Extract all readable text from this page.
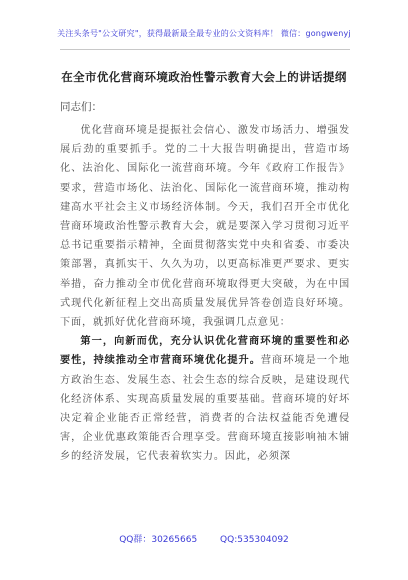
关注头条号"公文研究"，获得最新最全最专业的公文资料库！ 微信：gongwenyj
在全市优化营商环境政治性警示教育大会上的讲话提纲
同志们：

优化营商环境是提振社会信心、激发市场活力、增强发展后劲的重要抓手。党的二十大报告明确提出，营造市场化、法治化、国际化一流营商环境。今年《政府工作报告》要求，营造市场化、法治化、国际化一流营商环境，推动构建高水平社会主义市场经济体制。今天，我们召开全市优化营商环境政治性警示教育大会，就是要深入学习贯彻习近平总书记重要指示精神，全面贯彻落实党中央和省委、市委决策部署，真抓实干、久久为功，以更高标准更严要求、更实举措，奋力推动全市优化营商环境取得更大突破，为在中国式现代化新征程上交出高质量发展优异答卷创造良好环境。下面，就抓好优化营商环境，我强调几点意见：

第一，向新而优，充分认识优化营商环境的重要性和必要性，持续推动全市营商环境优化提升。营商环境是一个地方政治生态、发展生态、社会生态的综合反映，是建设现代化经济体系、实现高质量发展的重要基础。营商环境的好坏决定着企业能否正常经营，消费者的合法权益能否免遭侵害，企业优惠政策能否合理享受。营商环境直接影响袖木铺乡的经济发展，它代表着软实力。因此，必须深

QQ群：30265665	QQ:535304092
